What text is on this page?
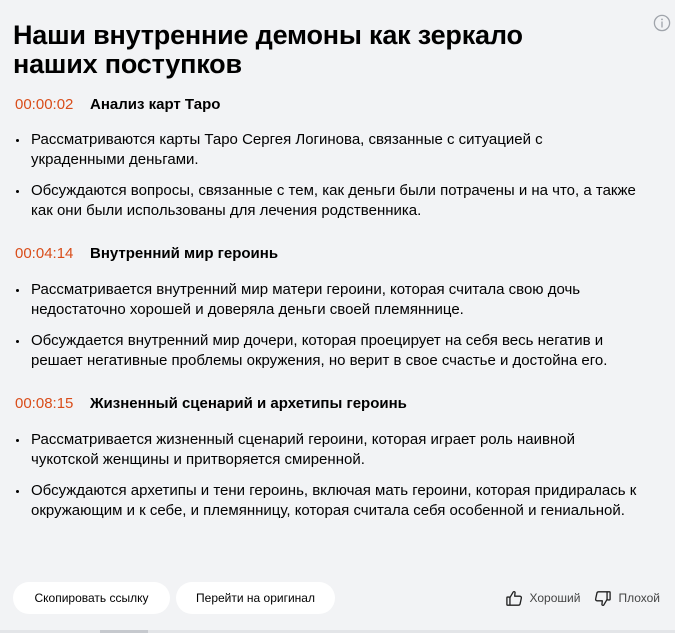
Наши внутренние демоны как зеркало наших поступков
00:00:02	Анализ карт Таро
Рассматриваются карты Таро Сергея Логинова, связанные с ситуацией с украденными деньгами.
Обсуждаются вопросы, связанные с тем, как деньги были потрачены и на что, а также как они были использованы для лечения родственника.
00:04:14	Внутренний мир героинь
Рассматривается внутренний мир матери героини, которая считала свою дочь недостаточно хорошей и доверяла деньги своей племяннице.
Обсуждается внутренний мир дочери, которая проецирует на себя весь негатив и решает негативные проблемы окружения, но верит в свое счастье и достойна его.
00:08:15	Жизненный сценарий и архетипы героинь
Рассматривается жизненный сценарий героини, которая играет роль наивной чукотской женщины и притворяется смиренной.
Обсуждаются архетипы и тени героинь, включая мать героини, которая придиралась к окружающим и к себе, и племянницу, которая считала себя особенной и гениальной.
Скопировать ссылку	Перейти на оригинал	Хороший	Плохой
